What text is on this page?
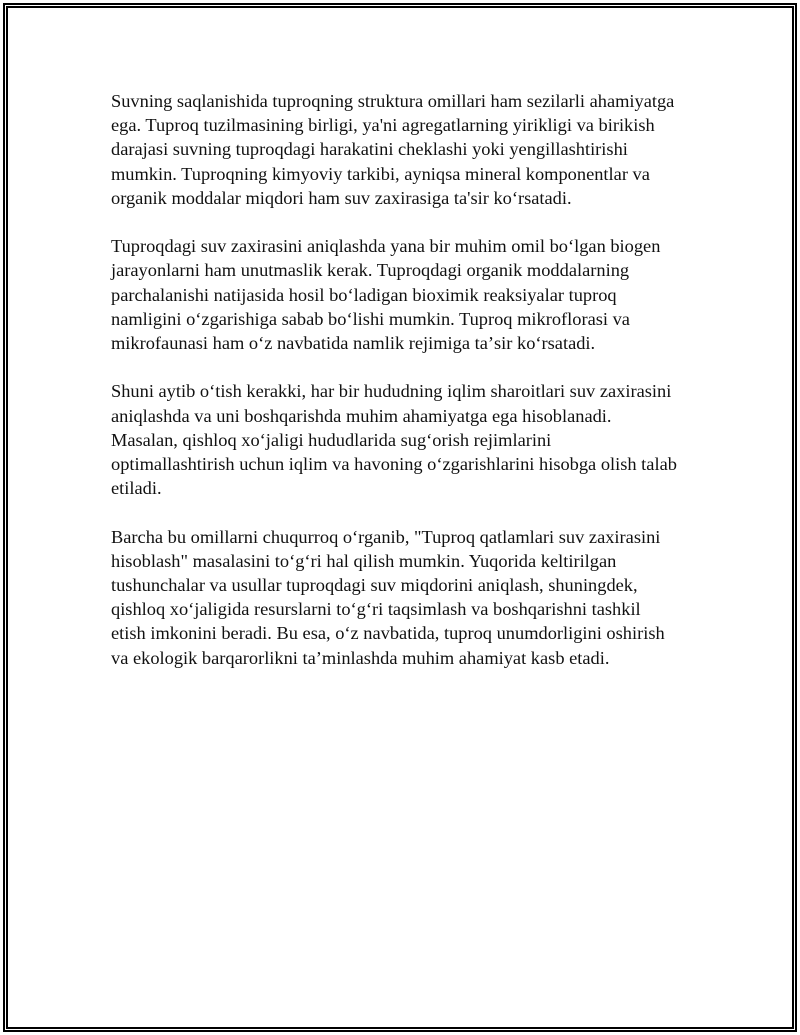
Suvning saqlanishida tuproqning struktura omillari ham sezilarli ahamiyatga
ega. Tuproq tuzilmasining birligi, ya'ni agregatlarning yirikligi va birikish
darajasi suvning tuproqdagi harakatini cheklashi yoki yengillashtirishi
mumkin. Tuproqning kimyoviy tarkibi, ayniqsa mineral komponentlar va
organik moddalar miqdori ham suv zaxirasiga ta'sir koʻrsatadi.

Tuproqdagi suv zaxirasini aniqlashda yana bir muhim omil boʻlgan biogen
jarayonlarni ham unutmaslik kerak. Tuproqdagi organik moddalarning
parchalanishi natijasida hosil boʻladigan bioximik reaksiyalar tuproq
namligini oʻzgarishiga sabab boʻlishi mumkin. Tuproq mikroflorasi va
mikrofaunasi ham oʻz navbatida namlik rejimiga taʼsir koʻrsatadi.

Shuni aytib oʻtish kerakki, har bir hududning iqlim sharoitlari suv zaxirasini
aniqlashda va uni boshqarishda muhim ahamiyatga ega hisoblanadi.
Masalan, qishloq xoʻjaligi hududlarida sugʻorish rejimlarini
optimallashtirish uchun iqlim va havoning oʻzgarishlarini hisobga olish talab
etiladi.

Barcha bu omillarni chuqurroq oʻrganib, "Tuproq qatlamlari suv zaxirasini
hisoblash" masalasini toʻgʻri hal qilish mumkin. Yuqorida keltirilgan
tushunchalar va usullar tuproqdagi suv miqdorini aniqlash, shuningdek,
qishloq xoʻjaligida resurslarni toʻgʻri taqsimlash va boshqarishni tashkil
etish imkonini beradi. Bu esa, oʻz navbatida, tuproq unumdorligini oshirish
va ekologik barqarorlikni taʼminlashda muhim ahamiyat kasb etadi.
